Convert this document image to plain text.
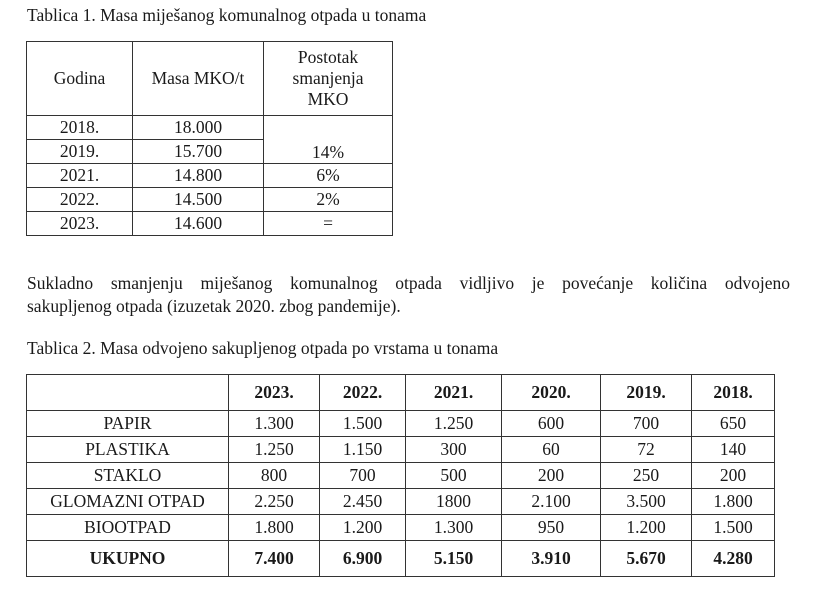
Tablica 1. Masa miješanog komunalnog otpada u tonama
Godina	Masa MKO/t	Postotak
smanjenja
MKO
2018.	18.000	14%
2019.	15.700	
2021.	14.800	6%
2022.	14.500	2%
2023.	14.600	=

Sukladno smanjenju miješanog komunalnog otpada vidljivo je povećanje količina odvojeno
sakupljenog otpada (izuzetak 2020. zbog pandemije).

Tablica 2. Masa odvojeno sakupljenog otpada po vrstama u tonama
	2023.	2022.	2021.	2020.	2019.	2018.
PAPIR	1.300	1.500	1.250	600	700	650
PLASTIKA	1.250	1.150	300	60	72	140
STAKLO	800	700	500	200	250	200
GLOMAZNI OTPAD	2.250	2.450	1800	2.100	3.500	1.800
BIOOTPAD	1.800	1.200	1.300	950	1.200	1.500
UKUPNO	7.400	6.900	5.150	3.910	5.670	4.280
